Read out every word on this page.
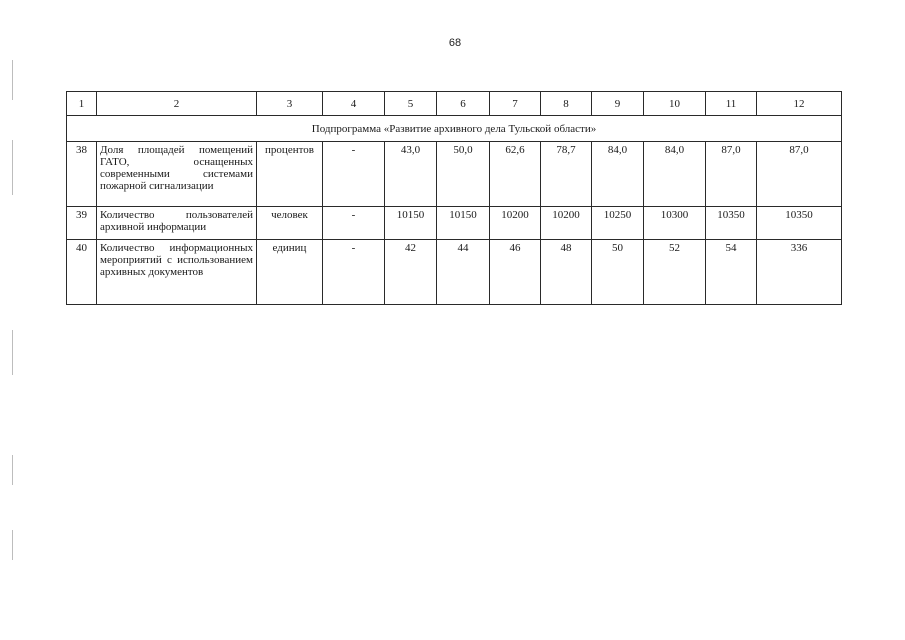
68
1	2	3	4	5	6	7	8	9	10	11	12
Подпрограмма «Развитие архивного дела Тульской области»											
38	Доля площадей помещений ГАТО, оснащенных современными системами пожарной сигнализации	процентов	-	43,0	50,0	62,6	78,7	84,0	84,0	87,0	87,0
39	Количество пользователей архивной информации	человек	-	10150	10150	10200	10200	10250	10300	10350	10350
40	Количество информационных мероприятий с использованием архивных документов	единиц	-	42	44	46	48	50	52	54	336
